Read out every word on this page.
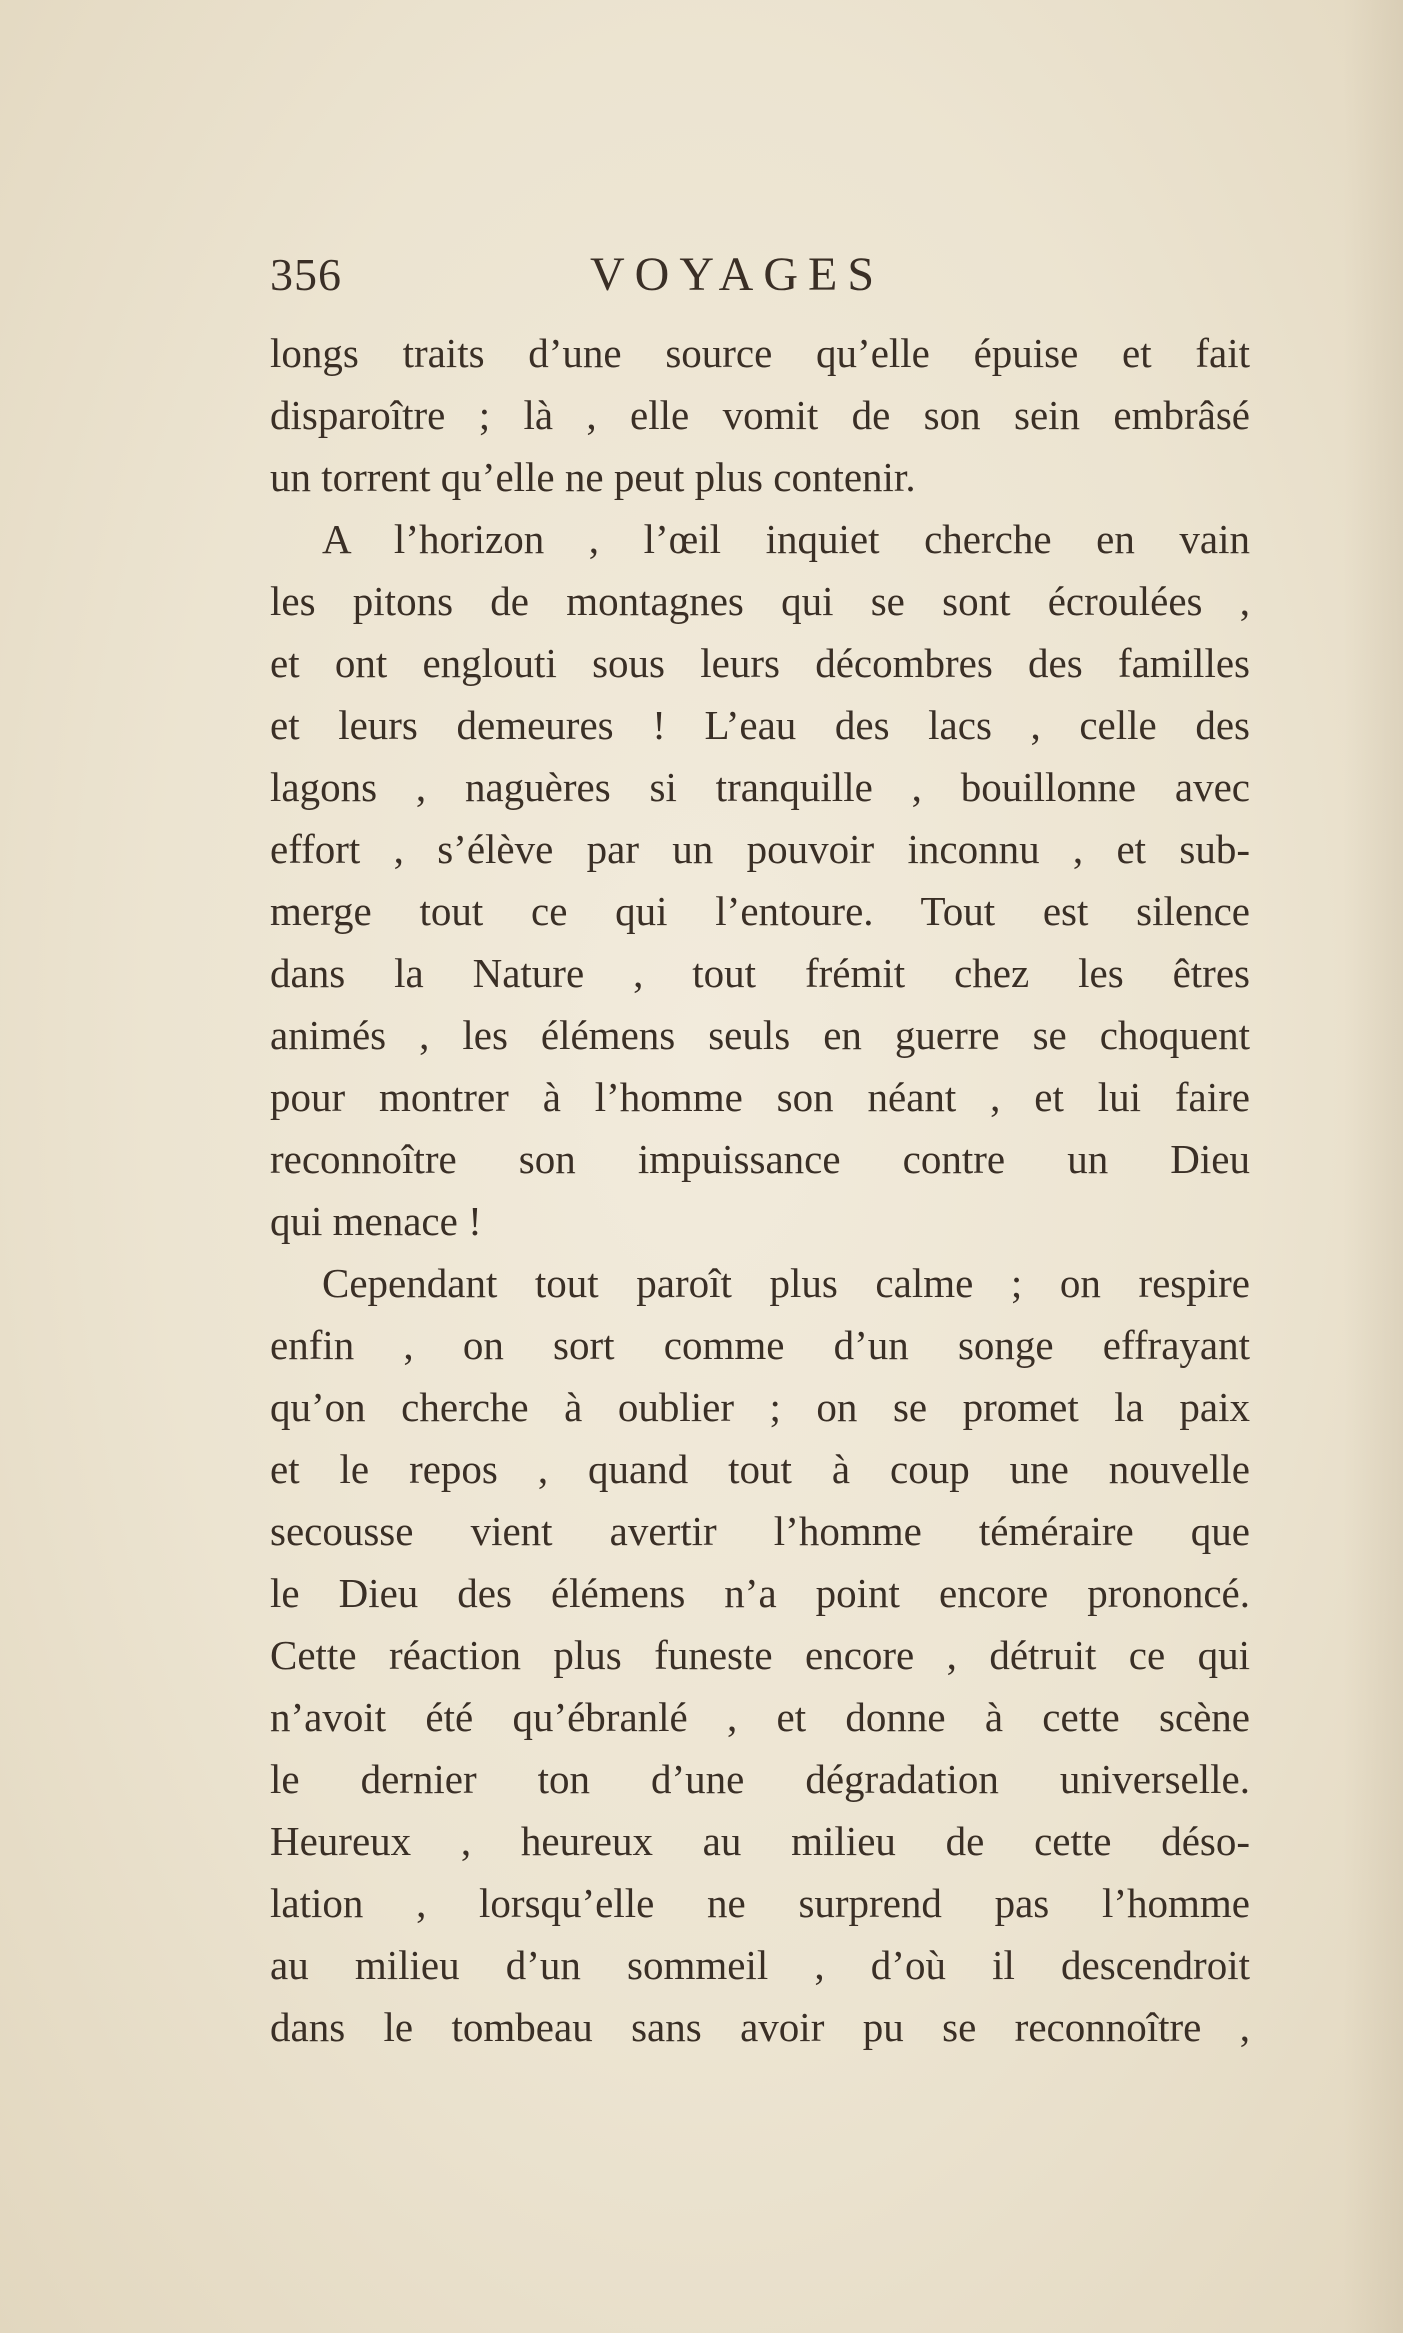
356	VOYAGES
longs traits d’une source qu’elle épuise et fait
disparoître ; là , elle vomit de son sein embrâsé
un torrent qu’elle ne peut plus contenir.
A l’horizon , l’œil inquiet cherche en vain
les pitons de montagnes qui se sont écroulées ,
et ont englouti sous leurs décombres des familles
et leurs demeures ! L’eau des lacs , celle des
lagons , naguères si tranquille , bouillonne avec
effort , s’élève par un pouvoir inconnu , et sub-
merge tout ce qui l’entoure. Tout est silence
dans la Nature , tout frémit chez les êtres
animés , les élémens seuls en guerre se choquent
pour montrer à l’homme son néant , et lui faire
reconnoître son impuissance contre un Dieu
qui menace !
Cependant tout paroît plus calme ; on respire
enfin , on sort comme d’un songe effrayant
qu’on cherche à oublier ; on se promet la paix
et le repos , quand tout à coup une nouvelle
secousse vient avertir l’homme téméraire que
le Dieu des élémens n’a point encore prononcé.
Cette réaction plus funeste encore , détruit ce qui
n’avoit été qu’ébranlé , et donne à cette scène
le dernier ton d’une dégradation universelle.
Heureux , heureux au milieu de cette déso-
lation , lorsqu’elle ne surprend pas l’homme
au milieu d’un sommeil , d’où il descendroit
dans le tombeau sans avoir pu se reconnoître ,
